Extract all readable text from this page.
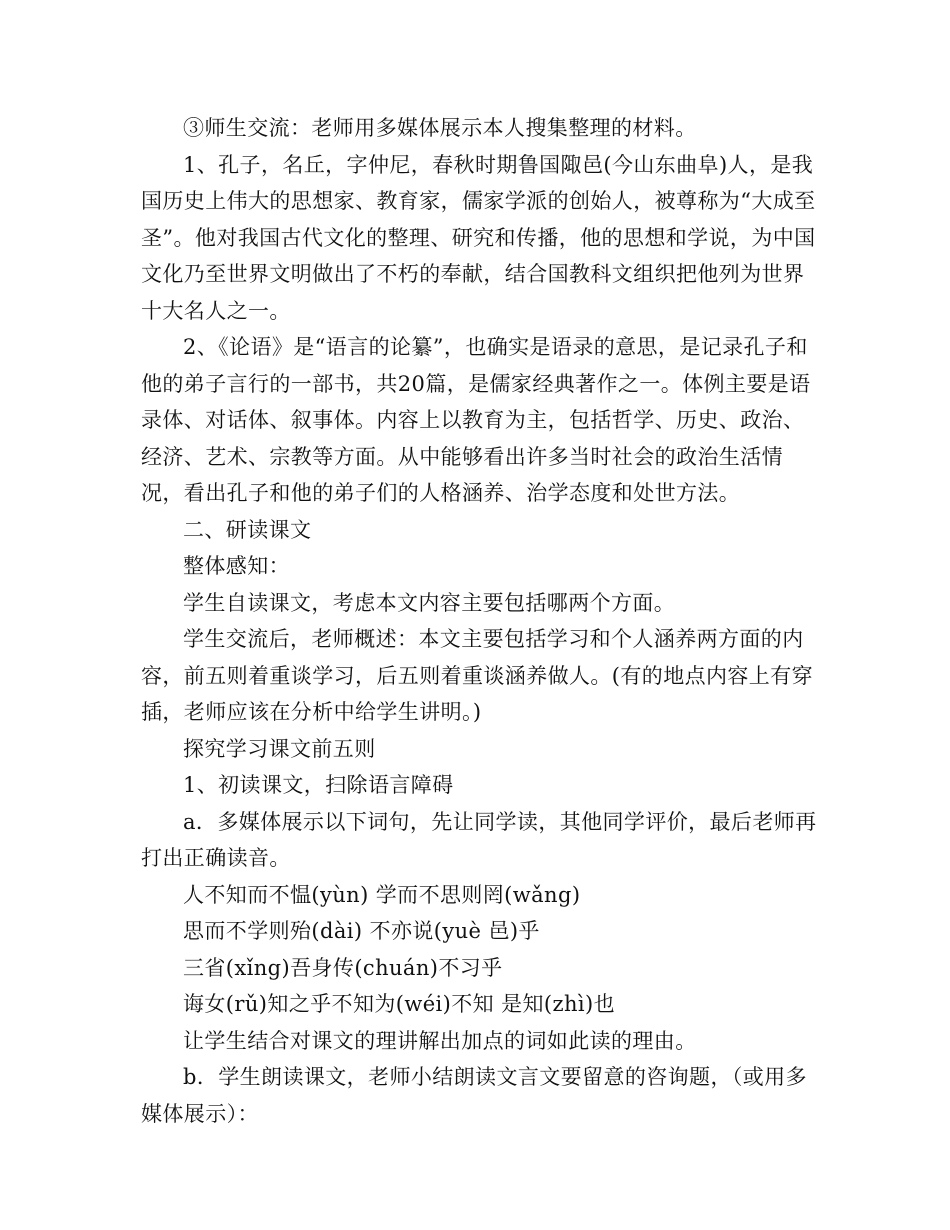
③师生交流：老师用多媒体展示本人搜集整理的材料。

1、孔子，名丘，字仲尼，春秋时期鲁国陬邑(今山东曲阜)人，是我国历史上伟大的思想家、教育家，儒家学派的创始人，被尊称为“大成至圣”。他对我国古代文化的整理、研究和传播，他的思想和学说，为中国文化乃至世界文明做出了不朽的奉献，结合国教科文组织把他列为世界十大名人之一。

2、《论语》是“语言的论纂”，也确实是语录的意思，是记录孔子和他的弟子言行的一部书，共20篇，是儒家经典著作之一。体例主要是语录体、对话体、叙事体。内容上以教育为主，包括哲学、历史、政治、经济、艺术、宗教等方面。从中能够看出许多当时社会的政治生活情况，看出孔子和他的弟子们的人格涵养、治学态度和处世方法。

二、研读课文

整体感知：

学生自读课文，考虑本文内容主要包括哪两个方面。

学生交流后，老师概述：本文主要包括学习和个人涵养两方面的内容，前五则着重谈学习，后五则着重谈涵养做人。(有的地点内容上有穿插，老师应该在分析中给学生讲明。)

探究学习课文前五则

1、初读课文，扫除语言障碍

a．多媒体展示以下词句，先让同学读，其他同学评价，最后老师再打出正确读音。

人不知而不愠(yùn) 学而不思则罔(wǎng)

思而不学则殆(dài) 不亦说(yuè 邑)乎

三省(xǐng)吾身传(chuán)不习乎

诲女(rǔ)知之乎不知为(wéi)不知 是知(zhì)也

让学生结合对课文的理讲解出加点的词如此读的理由。

b．学生朗读课文，老师小结朗读文言文要留意的咨询题，（或用多媒体展示）：
